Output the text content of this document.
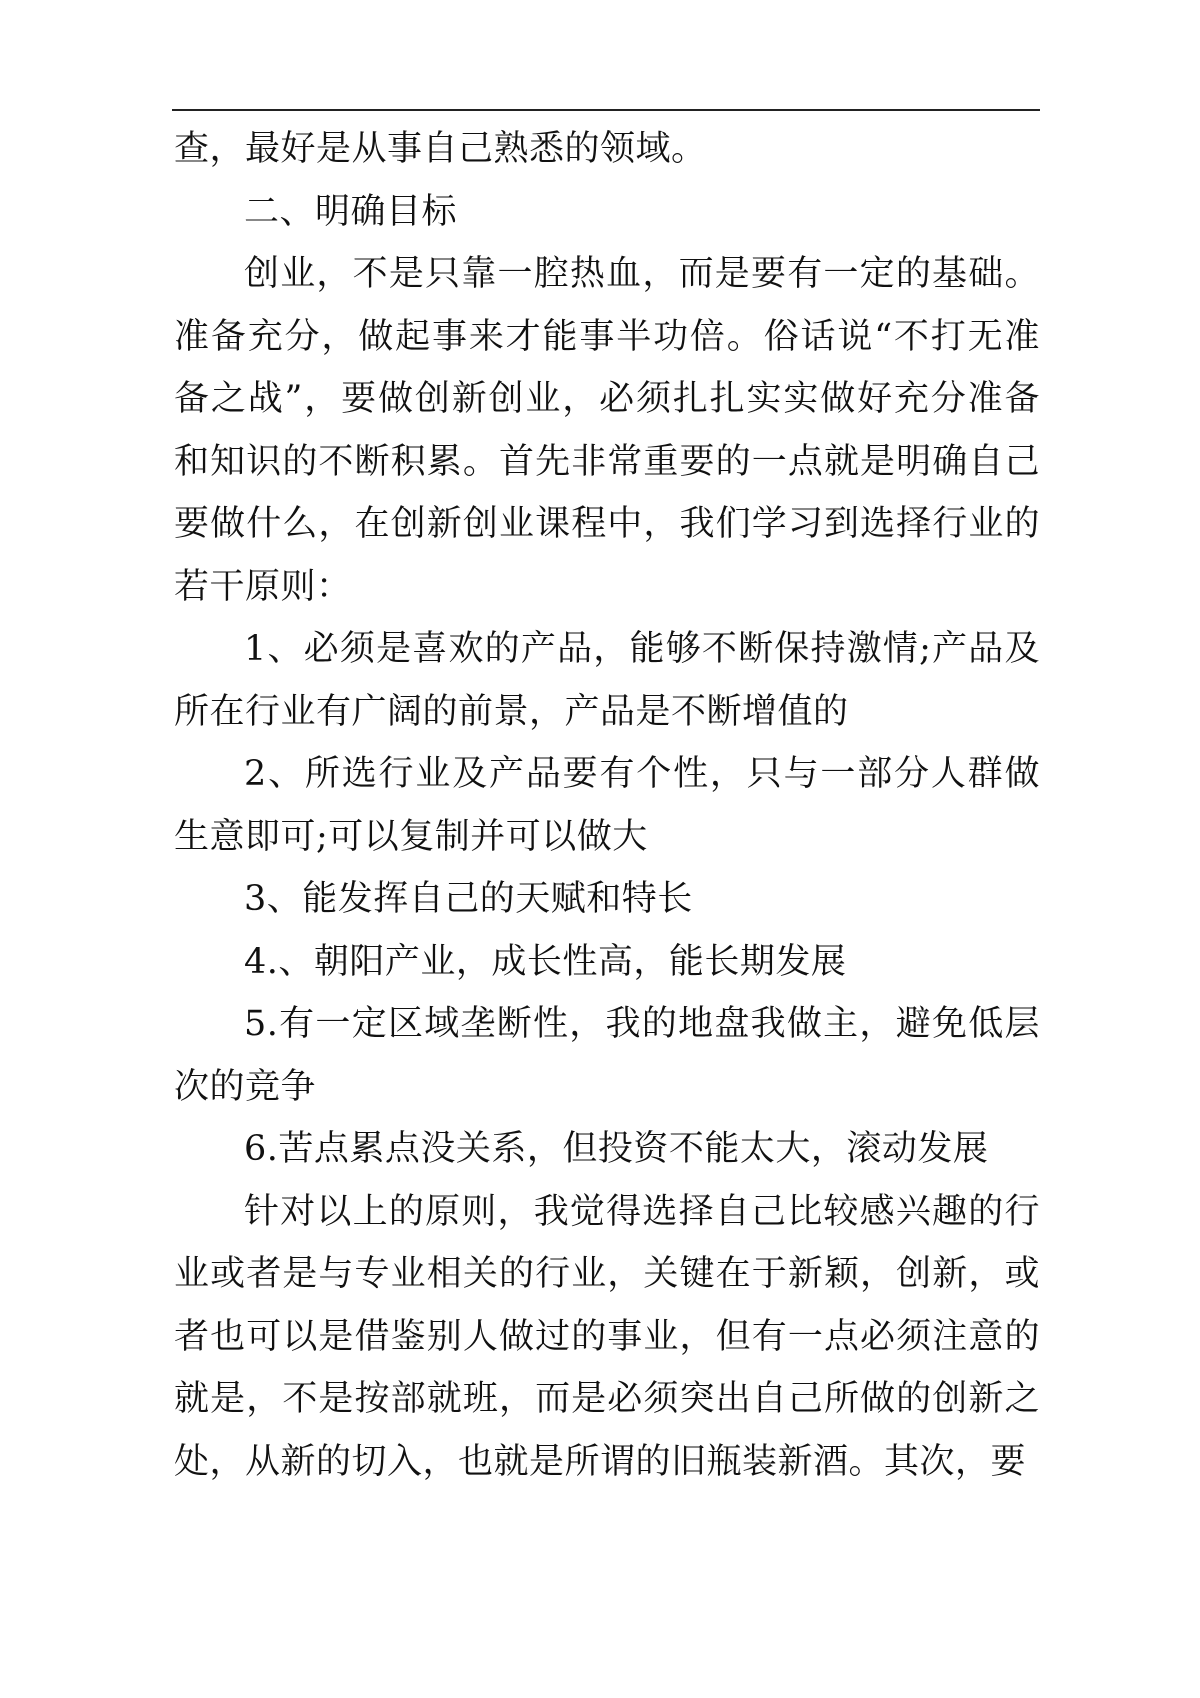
查，最好是从事自己熟悉的领域。

二、明确目标

创业，不是只靠一腔热血，而是要有一定的基础。准备充分，做起事来才能事半功倍。俗话说“不打无准备之战”，要做创新创业，必须扎扎实实做好充分准备和知识的不断积累。首先非常重要的一点就是明确自己要做什么，在创新创业课程中，我们学习到选择行业的若干原则：

1、必须是喜欢的产品，能够不断保持激情;产品及所在行业有广阔的前景，产品是不断增值的

2、所选行业及产品要有个性，只与一部分人群做生意即可;可以复制并可以做大

3、能发挥自己的天赋和特长

4.、朝阳产业，成长性高，能长期发展

5.有一定区域垄断性，我的地盘我做主，避免低层次的竞争

6.苦点累点没关系，但投资不能太大，滚动发展

针对以上的原则，我觉得选择自己比较感兴趣的行业或者是与专业相关的行业，关键在于新颖，创新，或者也可以是借鉴别人做过的事业，但有一点必须注意的就是，不是按部就班，而是必须突出自己所做的创新之处，从新的切入，也就是所谓的旧瓶装新酒。其次，要
